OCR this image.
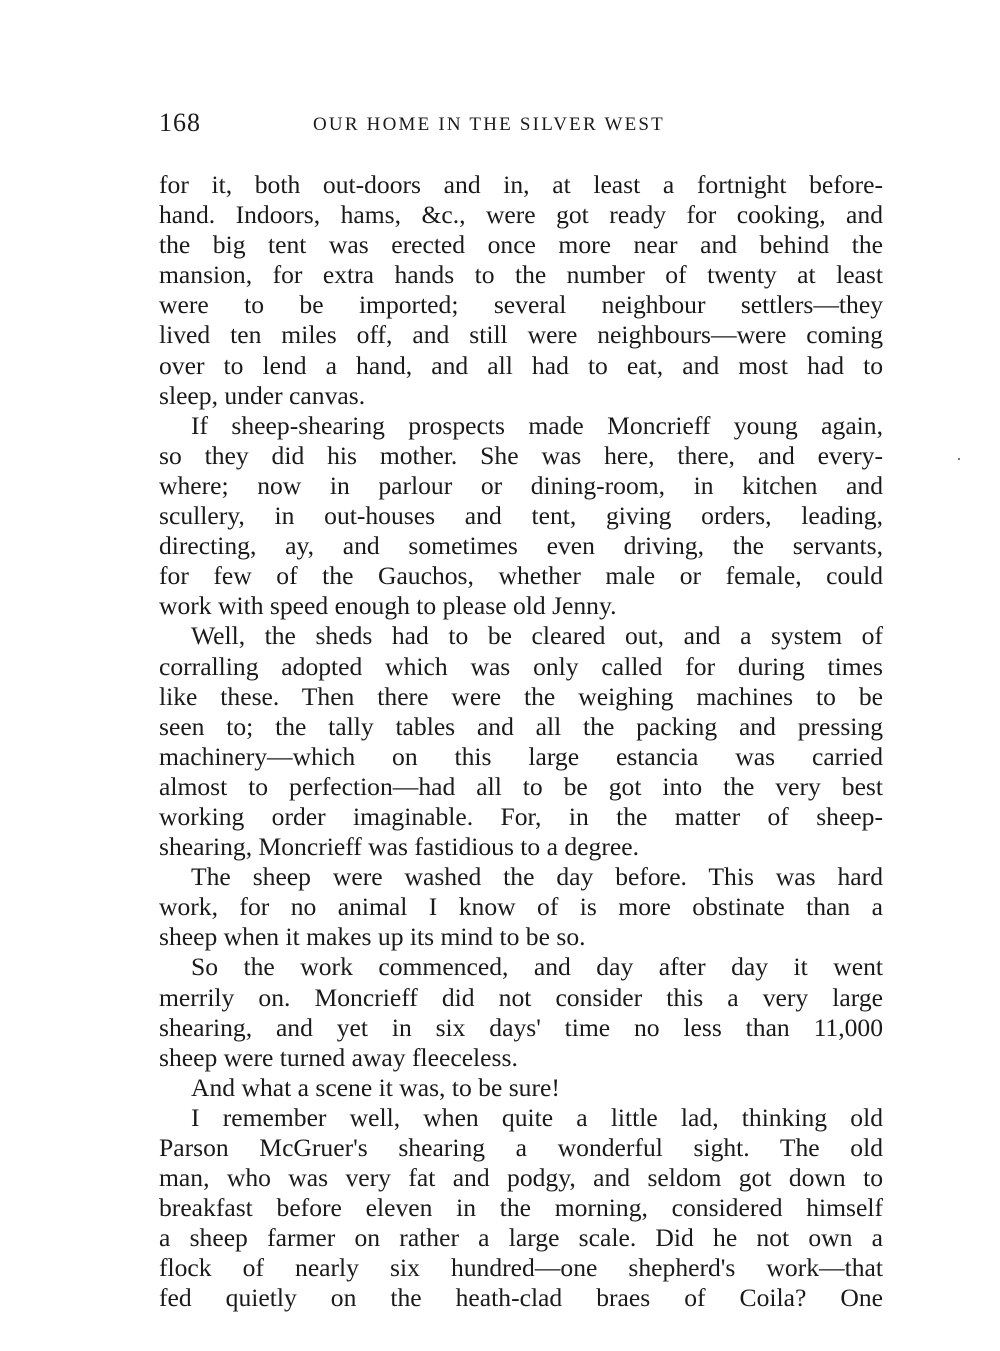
168	OUR HOME IN THE SILVER WEST
for it, both out-doors and in, at least a fortnight before-
hand. Indoors, hams, &c., were got ready for cooking, and
the big tent was erected once more near and behind the
mansion, for extra hands to the number of twenty at least
were to be imported; several neighbour settlers—they
lived ten miles off, and still were neighbours—were coming
over to lend a hand, and all had to eat, and most had to
sleep, under canvas.
If sheep-shearing prospects made Moncrieff young again,
so they did his mother. She was here, there, and every-
where; now in parlour or dining-room, in kitchen and
scullery, in out-houses and tent, giving orders, leading,
directing, ay, and sometimes even driving, the servants,
for few of the Gauchos, whether male or female, could
work with speed enough to please old Jenny.
Well, the sheds had to be cleared out, and a system of
corralling adopted which was only called for during times
like these. Then there were the weighing machines to be
seen to; the tally tables and all the packing and pressing
machinery—which on this large estancia was carried
almost to perfection—had all to be got into the very best
working order imaginable. For, in the matter of sheep-
shearing, Moncrieff was fastidious to a degree.
The sheep were washed the day before. This was hard
work, for no animal I know of is more obstinate than a
sheep when it makes up its mind to be so.
So the work commenced, and day after day it went
merrily on. Moncrieff did not consider this a very large
shearing, and yet in six days' time no less than 11,000
sheep were turned away fleeceless.
And what a scene it was, to be sure!
I remember well, when quite a little lad, thinking old
Parson McGruer's shearing a wonderful sight. The old
man, who was very fat and podgy, and seldom got down to
breakfast before eleven in the morning, considered himself
a sheep farmer on rather a large scale. Did he not own a
flock of nearly six hundred—one shepherd's work—that
fed quietly on the heath-clad braes of Coila? One
